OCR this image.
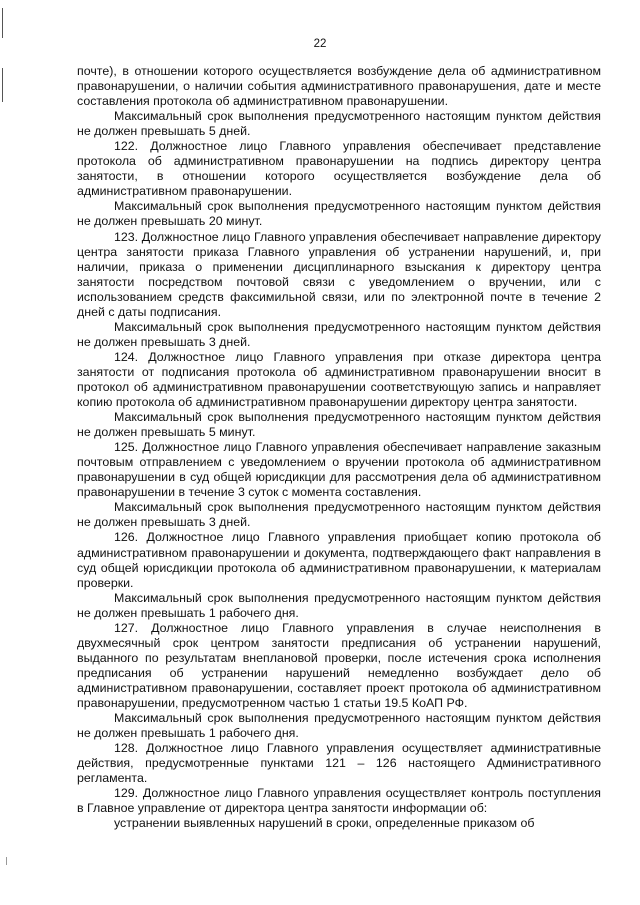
22

почте), в отношении которого осуществляется возбуждение дела об административном правонарушении, о наличии события административного правонарушения, дате и месте составления протокола об административном правонарушении.

Максимальный срок выполнения предусмотренного настоящим пунктом действия не должен превышать 5 дней.

122. Должностное лицо Главного управления обеспечивает представление протокола об административном правонарушении на подпись директору центра занятости, в отношении которого осуществляется возбуждение дела об административном правонарушении.

Максимальный срок выполнения предусмотренного настоящим пунктом действия не должен превышать 20 минут.

123. Должностное лицо Главного управления обеспечивает направление директору центра занятости приказа Главного управления об устранении нарушений, и, при наличии, приказа о применении дисциплинарного взыскания к директору центра занятости посредством почтовой связи с уведомлением о вручении, или с использованием средств факсимильной связи, или по электронной почте в течение 2 дней с даты подписания.

Максимальный срок выполнения предусмотренного настоящим пунктом действия не должен превышать 3 дней.

124. Должностное лицо Главного управления при отказе директора центра занятости от подписания протокола об административном правонарушении вносит в протокол об административном правонарушении соответствующую запись и направляет копию протокола об административном правонарушении директору центра занятости.

Максимальный срок выполнения предусмотренного настоящим пунктом действия не должен превышать 5 минут.

125. Должностное лицо Главного управления обеспечивает направление заказным почтовым отправлением с уведомлением о вручении протокола об административном правонарушении в суд общей юрисдикции для рассмотрения дела об административном правонарушении в течение 3 суток с момента составления.

Максимальный срок выполнения предусмотренного настоящим пунктом действия не должен превышать 3 дней.

126. Должностное лицо Главного управления приобщает копию протокола об административном правонарушении и документа, подтверждающего факт направления в суд общей юрисдикции протокола об административном правонарушении, к материалам проверки.

Максимальный срок выполнения предусмотренного настоящим пунктом действия не должен превышать 1 рабочего дня.

127. Должностное лицо Главного управления в случае неисполнения в двухмесячный срок центром занятости предписания об устранении нарушений, выданного по результатам внеплановой проверки, после истечения срока исполнения предписания об устранении нарушений немедленно возбуждает дело об административном правонарушении, составляет проект протокола об административном правонарушении, предусмотренном частью 1 статьи 19.5 КоАП РФ.

Максимальный срок выполнения предусмотренного настоящим пунктом действия не должен превышать 1 рабочего дня.

128. Должностное лицо Главного управления осуществляет административные действия, предусмотренные пунктами 121 – 126 настоящего Административного регламента.

129. Должностное лицо Главного управления осуществляет контроль поступления в Главное управление от директора центра занятости информации об:

устранении выявленных нарушений в сроки, определенные приказом об
